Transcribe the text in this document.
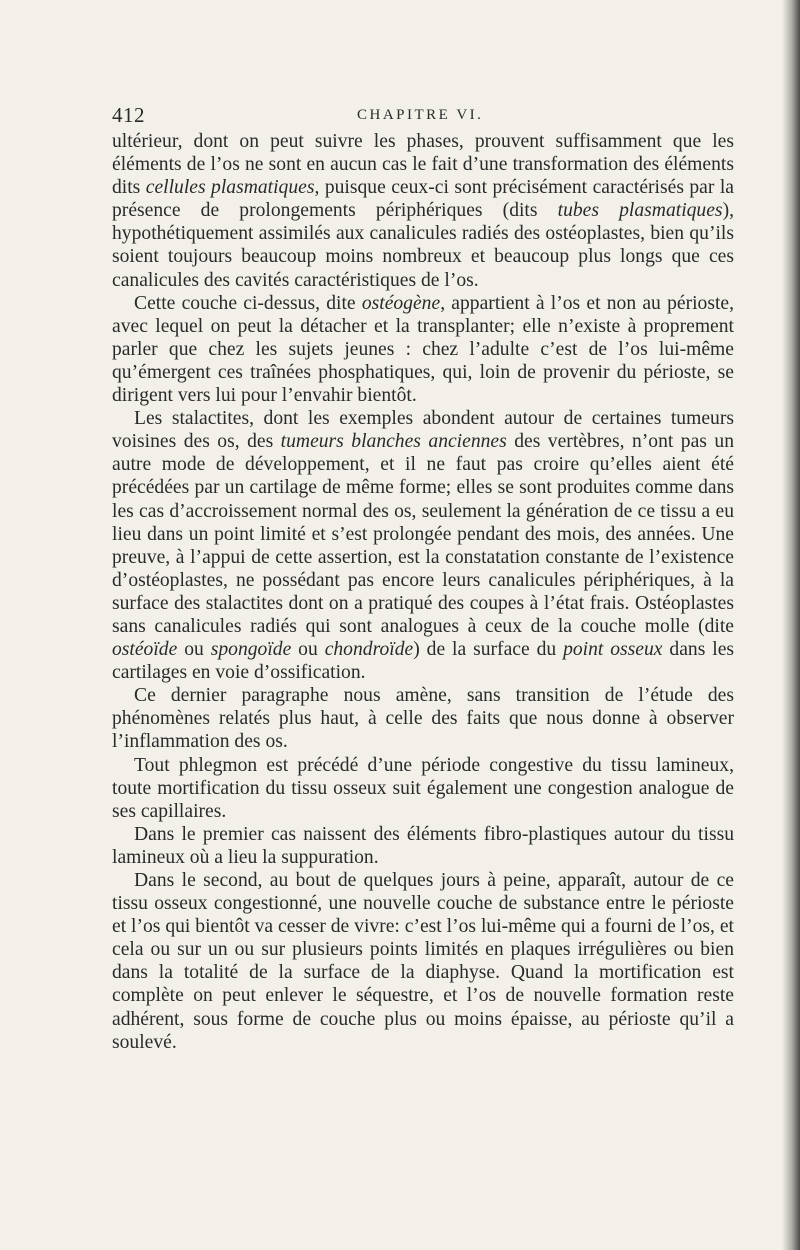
412	CHAPITRE VI.

ultérieur, dont on peut suivre les phases, prouvent suffisamment que les éléments de l’os ne sont en aucun cas le fait d’une transformation des éléments dits cellules plasmatiques, puisque ceux-ci sont précisément caractérisés par la présence de prolongements périphériques (dits tubes plasmatiques), hypothétiquement assimilés aux canalicules radiés des ostéoplastes, bien qu’ils soient toujours beaucoup moins nombreux et beaucoup plus longs que ces canalicules des cavités caractéristiques de l’os.

Cette couche ci-dessus, dite ostéogène, appartient à l’os et non au périoste, avec lequel on peut la détacher et la transplanter; elle n’existe à proprement parler que chez les sujets jeunes : chez l’adulte c’est de l’os lui-même qu’émergent ces traînées phosphatiques, qui, loin de provenir du périoste, se dirigent vers lui pour l’envahir bientôt.

Les stalactites, dont les exemples abondent autour de certaines tumeurs voisines des os, des tumeurs blanches anciennes des vertèbres, n’ont pas un autre mode de développement, et il ne faut pas croire qu’elles aient été précédées par un cartilage de même forme; elles se sont produites comme dans les cas d’accroissement normal des os, seulement la génération de ce tissu a eu lieu dans un point limité et s’est prolongée pendant des mois, des années. Une preuve, à l’appui de cette assertion, est la constatation constante de l’existence d’ostéoplastes, ne possédant pas encore leurs canalicules périphériques, à la surface des stalactites dont on a pratiqué des coupes à l’état frais. Ostéoplastes sans canalicules radiés qui sont analogues à ceux de la couche molle (dite ostéoïde ou spongoïde ou chondroïde) de la surface du point osseux dans les cartilages en voie d’ossification.

Ce dernier paragraphe nous amène, sans transition de l’étude des phénomènes relatés plus haut, à celle des faits que nous donne à observer l’inflammation des os.

Tout phlegmon est précédé d’une période congestive du tissu lamineux, toute mortification du tissu osseux suit également une congestion analogue de ses capillaires.

Dans le premier cas naissent des éléments fibro-plastiques autour du tissu lamineux où a lieu la suppuration.

Dans le second, au bout de quelques jours à peine, apparaît, autour de ce tissu osseux congestionné, une nouvelle couche de substance entre le périoste et l’os qui bientôt va cesser de vivre: c’est l’os lui-même qui a fourni de l’os, et cela ou sur un ou sur plusieurs points limités en plaques irrégulières ou bien dans la totalité de la surface de la diaphyse. Quand la mortification est complète on peut enlever le séquestre, et l’os de nouvelle formation reste adhérent, sous forme de couche plus ou moins épaisse, au périoste qu’il a soulevé.
